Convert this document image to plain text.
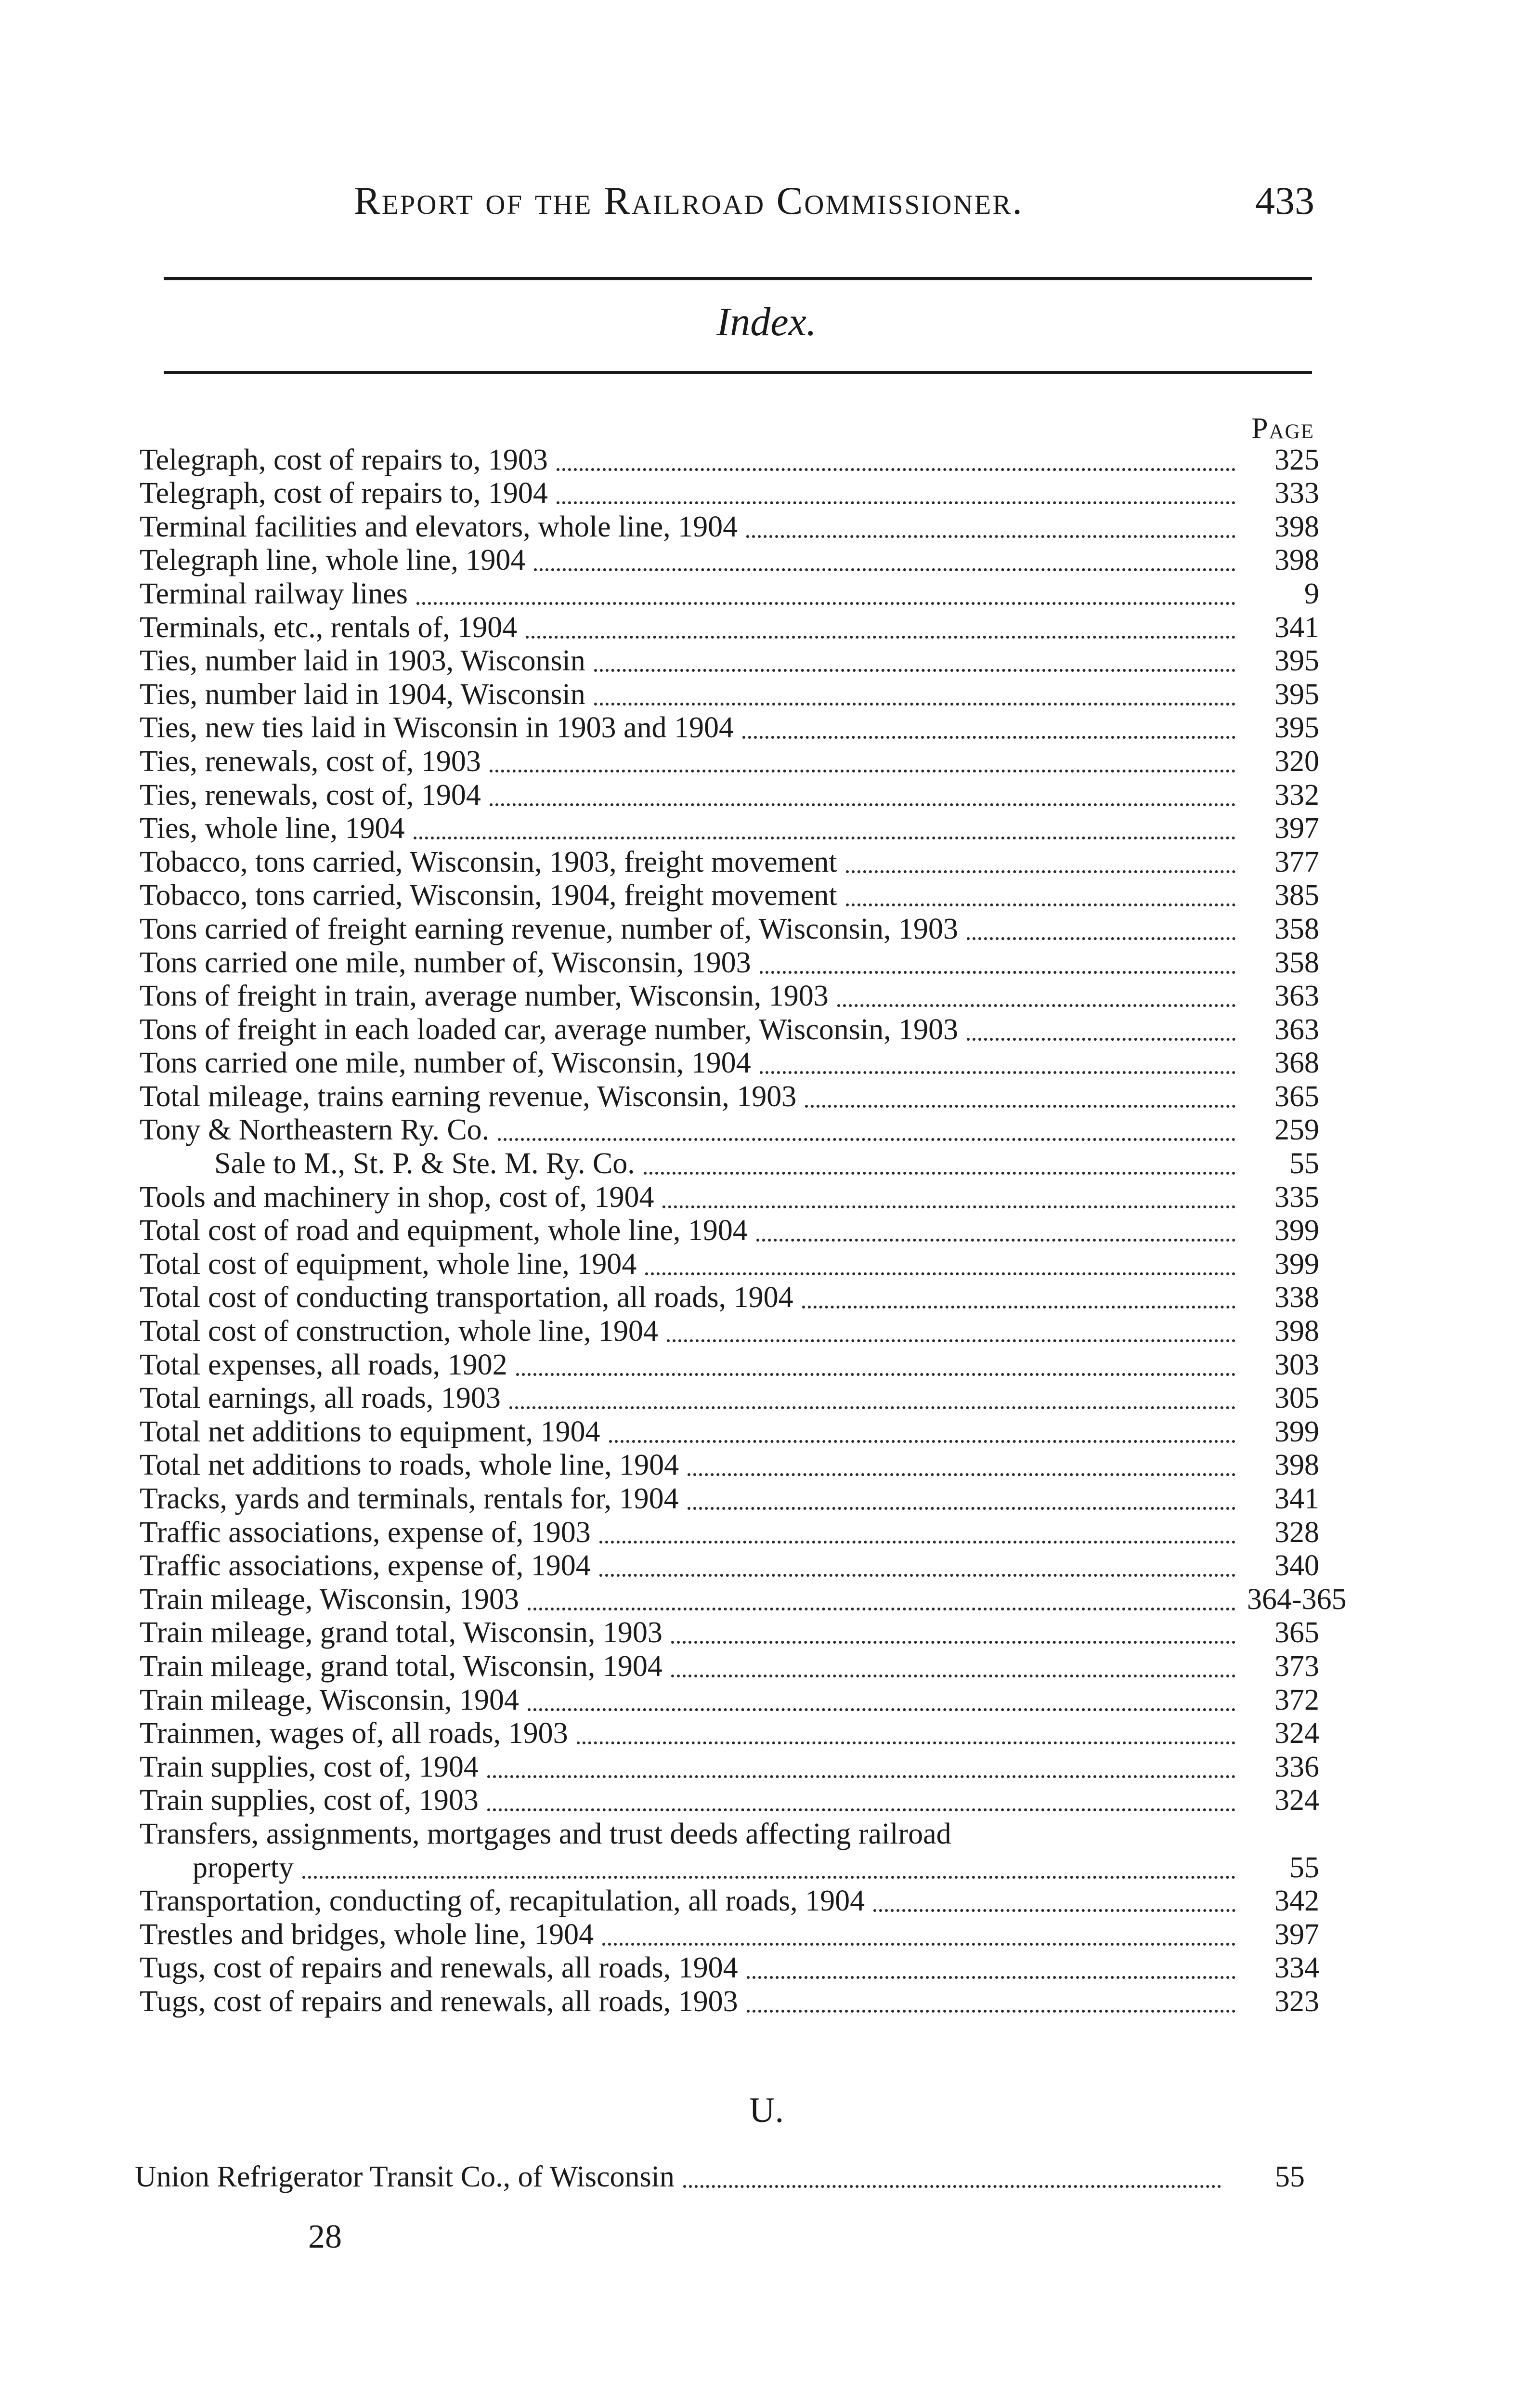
Report of the Railroad Commissioner.	433
Index.
Page
Telegraph, cost of repairs to, 1903	325
Telegraph, cost of repairs to, 1904	333
Terminal facilities and elevators, whole line, 1904	398
Telegraph line, whole line, 1904	398
Terminal railway lines	9
Terminals, etc., rentals of, 1904	341
Ties, number laid in 1903, Wisconsin	395
Ties, number laid in 1904, Wisconsin	395
Ties, new ties laid in Wisconsin in 1903 and 1904	395
Ties, renewals, cost of, 1903	320
Ties, renewals, cost of, 1904	332
Ties, whole line, 1904	397
Tobacco, tons carried, Wisconsin, 1903, freight movement	377
Tobacco, tons carried, Wisconsin, 1904, freight movement	385
Tons carried of freight earning revenue, number of, Wisconsin, 1903	358
Tons carried one mile, number of, Wisconsin, 1903	358
Tons of freight in train, average number, Wisconsin, 1903	363
Tons of freight in each loaded car, average number, Wisconsin, 1903	363
Tons carried one mile, number of, Wisconsin, 1904	368
Total mileage, trains earning revenue, Wisconsin, 1903	365
Tony & Northeastern Ry. Co.	259
Sale to M., St. P. & Ste. M. Ry. Co.	55
Tools and machinery in shop, cost of, 1904	335
Total cost of road and equipment, whole line, 1904	399
Total cost of equipment, whole line, 1904	399
Total cost of conducting transportation, all roads, 1904	338
Total cost of construction, whole line, 1904	398
Total expenses, all roads, 1902	303
Total earnings, all roads, 1903	305
Total net additions to equipment, 1904	399
Total net additions to roads, whole line, 1904	398
Tracks, yards and terminals, rentals for, 1904	341
Traffic associations, expense of, 1903	328
Traffic associations, expense of, 1904	340
Train mileage, Wisconsin, 1903	364-365
Train mileage, grand total, Wisconsin, 1903	365
Train mileage, grand total, Wisconsin, 1904	373
Train mileage, Wisconsin, 1904	372
Trainmen, wages of, all roads, 1903	324
Train supplies, cost of, 1904	336
Train supplies, cost of, 1903	324
Transfers, assignments, mortgages and trust deeds affecting railroad
property	55
Transportation, conducting of, recapitulation, all roads, 1904	342
Trestles and bridges, whole line, 1904	397
Tugs, cost of repairs and renewals, all roads, 1904	334
Tugs, cost of repairs and renewals, all roads, 1903	323
U.
Union Refrigerator Transit Co., of Wisconsin	55
28
